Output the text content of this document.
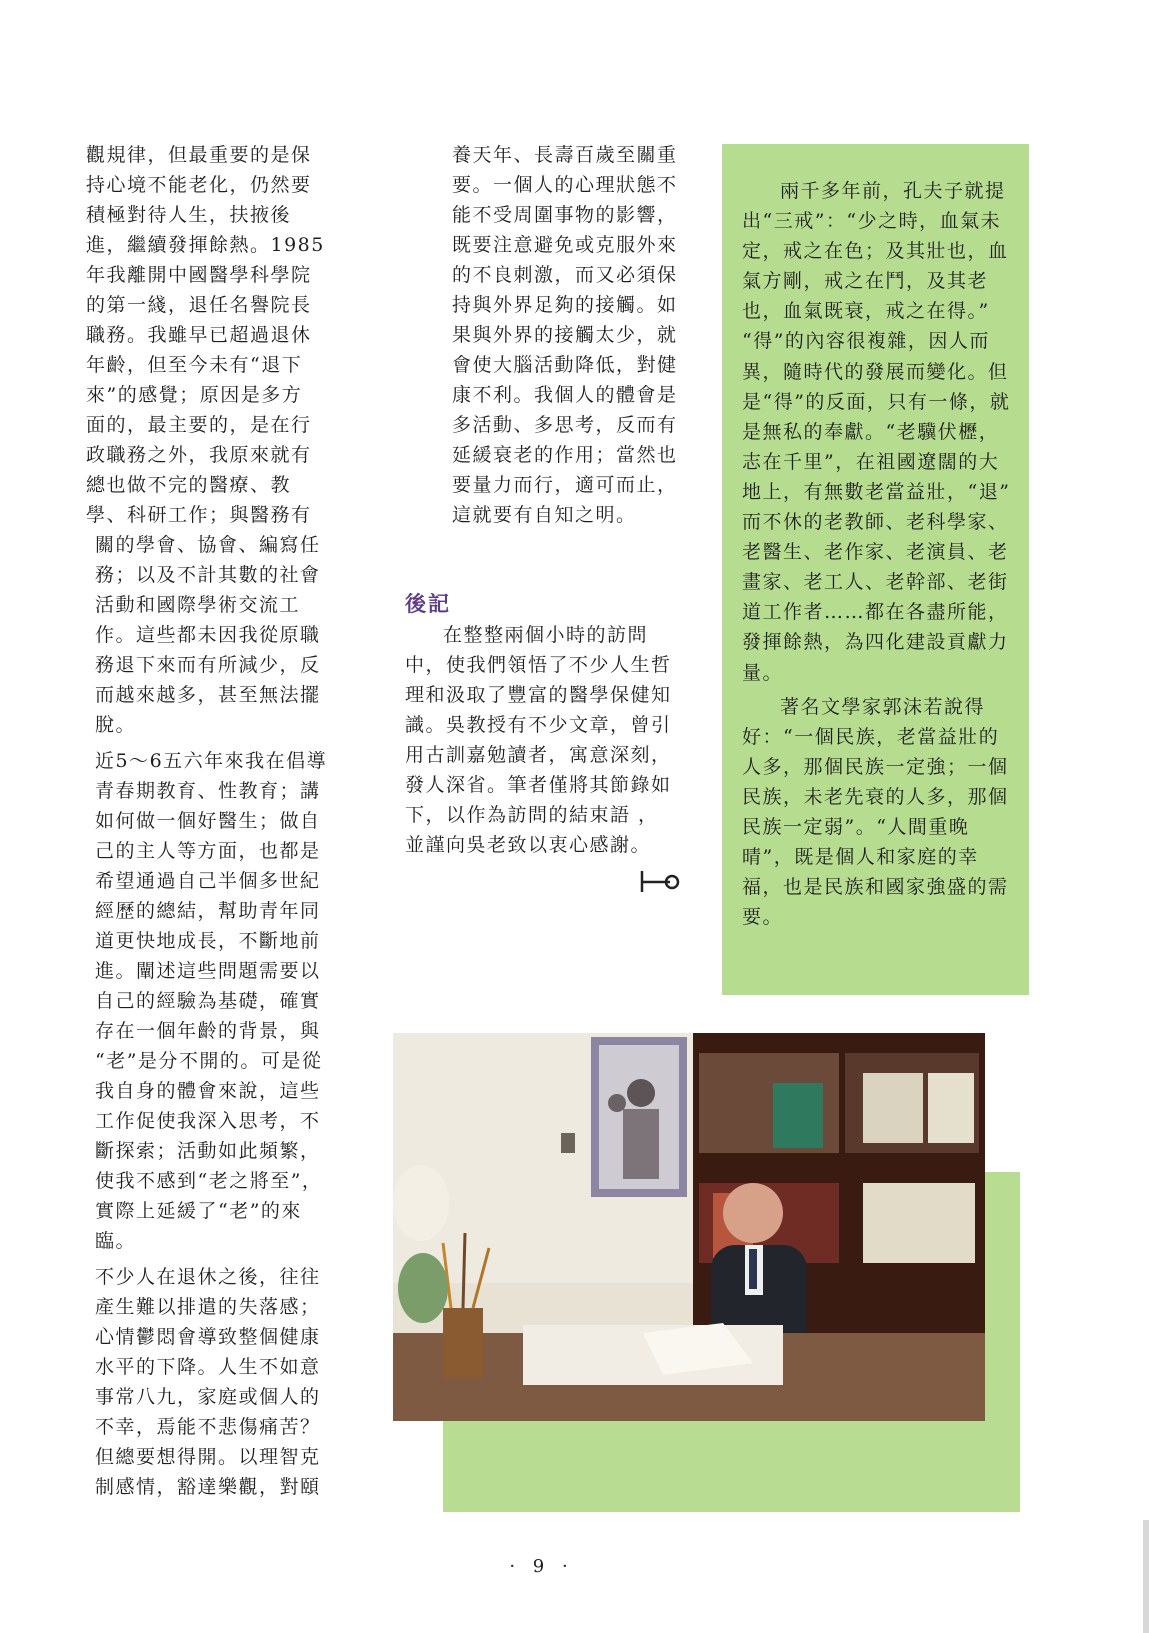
觀規律，但最重要的是保

持心境不能老化，仍然要

積極對待人生，扶掖後

進，繼續發揮餘熱。1985

年我離開中國醫學科學院

的第一綫，退任名譽院長

職務。我雖早已超過退休

年齡，但至今未有“退下

來”的感覺；原因是多方

面的，最主要的，是在行

政職務之外，我原來就有

總也做不完的醫療、教

學、科研工作；與醫務有

關的學會、協會、編寫任

務；以及不計其數的社會

活動和國際學術交流工

作。這些都未因我從原職

務退下來而有所減少，反

而越來越多，甚至無法擺

脫。

近5～6五六年來我在倡導

青春期教育、性教育；講

如何做一個好醫生；做自

己的主人等方面，也都是

希望通過自己半個多世紀

經歷的總結，幫助青年同

道更快地成長，不斷地前

進。闡述這些問題需要以

自己的經驗為基礎，確實

存在一個年齡的背景，與

“老”是分不開的。可是從

我自身的體會來說，這些

工作促使我深入思考，不

斷探索；活動如此頻繁，

使我不感到“老之將至”，

實際上延緩了“老”的來

臨。

不少人在退休之後，往往

產生難以排遣的失落感；

心情鬱悶會導致整個健康

水平的下降。人生不如意

事常八九，家庭或個人的

不幸，焉能不悲傷痛苦？

但總要想得開。以理智克

制感情，豁達樂觀，對頤

養天年、長壽百歲至關重

要。一個人的心理狀態不

能不受周圍事物的影響，

既要注意避免或克服外來

的不良刺激，而又必須保

持與外界足夠的接觸。如

果與外界的接觸太少，就

會使大腦活動降低，對健

康不利。我個人的體會是

多活動、多思考，反而有

延緩衰老的作用；當然也

要量力而行，適可而止，

這就要有自知之明。

後記

在整整兩個小時的訪問

中，使我們領悟了不少人生哲

理和汲取了豐富的醫學保健知

識。吳教授有不少文章，曾引

用古訓嘉勉讀者，寓意深刻，

發人深省。筆者僅將其節錄如

下，以作為訪問的結束語 ，

並謹向吳老致以衷心感謝。

兩千多年前，孔夫子就提

出“三戒”：“少之時，血氣未

定，戒之在色；及其壯也，血

氣方剛，戒之在鬥，及其老

也，血氣既衰，戒之在得。”

“得”的內容很複雜，因人而

異，隨時代的發展而變化。但

是“得”的反面，只有一條，就

是無私的奉獻。“老驥伏櫪，

志在千里”，在祖國遼闊的大

地上，有無數老當益壯，“退”

而不休的老教師、老科學家、

老醫生、老作家、老演員、老

畫家、老工人、老幹部、老街

道工作者……都在各盡所能，

發揮餘熱，為四化建設貢獻力

量。

著名文學家郭沫若說得

好：“一個民族，老當益壯的

人多，那個民族一定強；一個

民族，未老先衰的人多，那個

民族一定弱”。“人間重晚

晴”，既是個人和家庭的幸

福，也是民族和國家強盛的需

要。

· 9 ·
